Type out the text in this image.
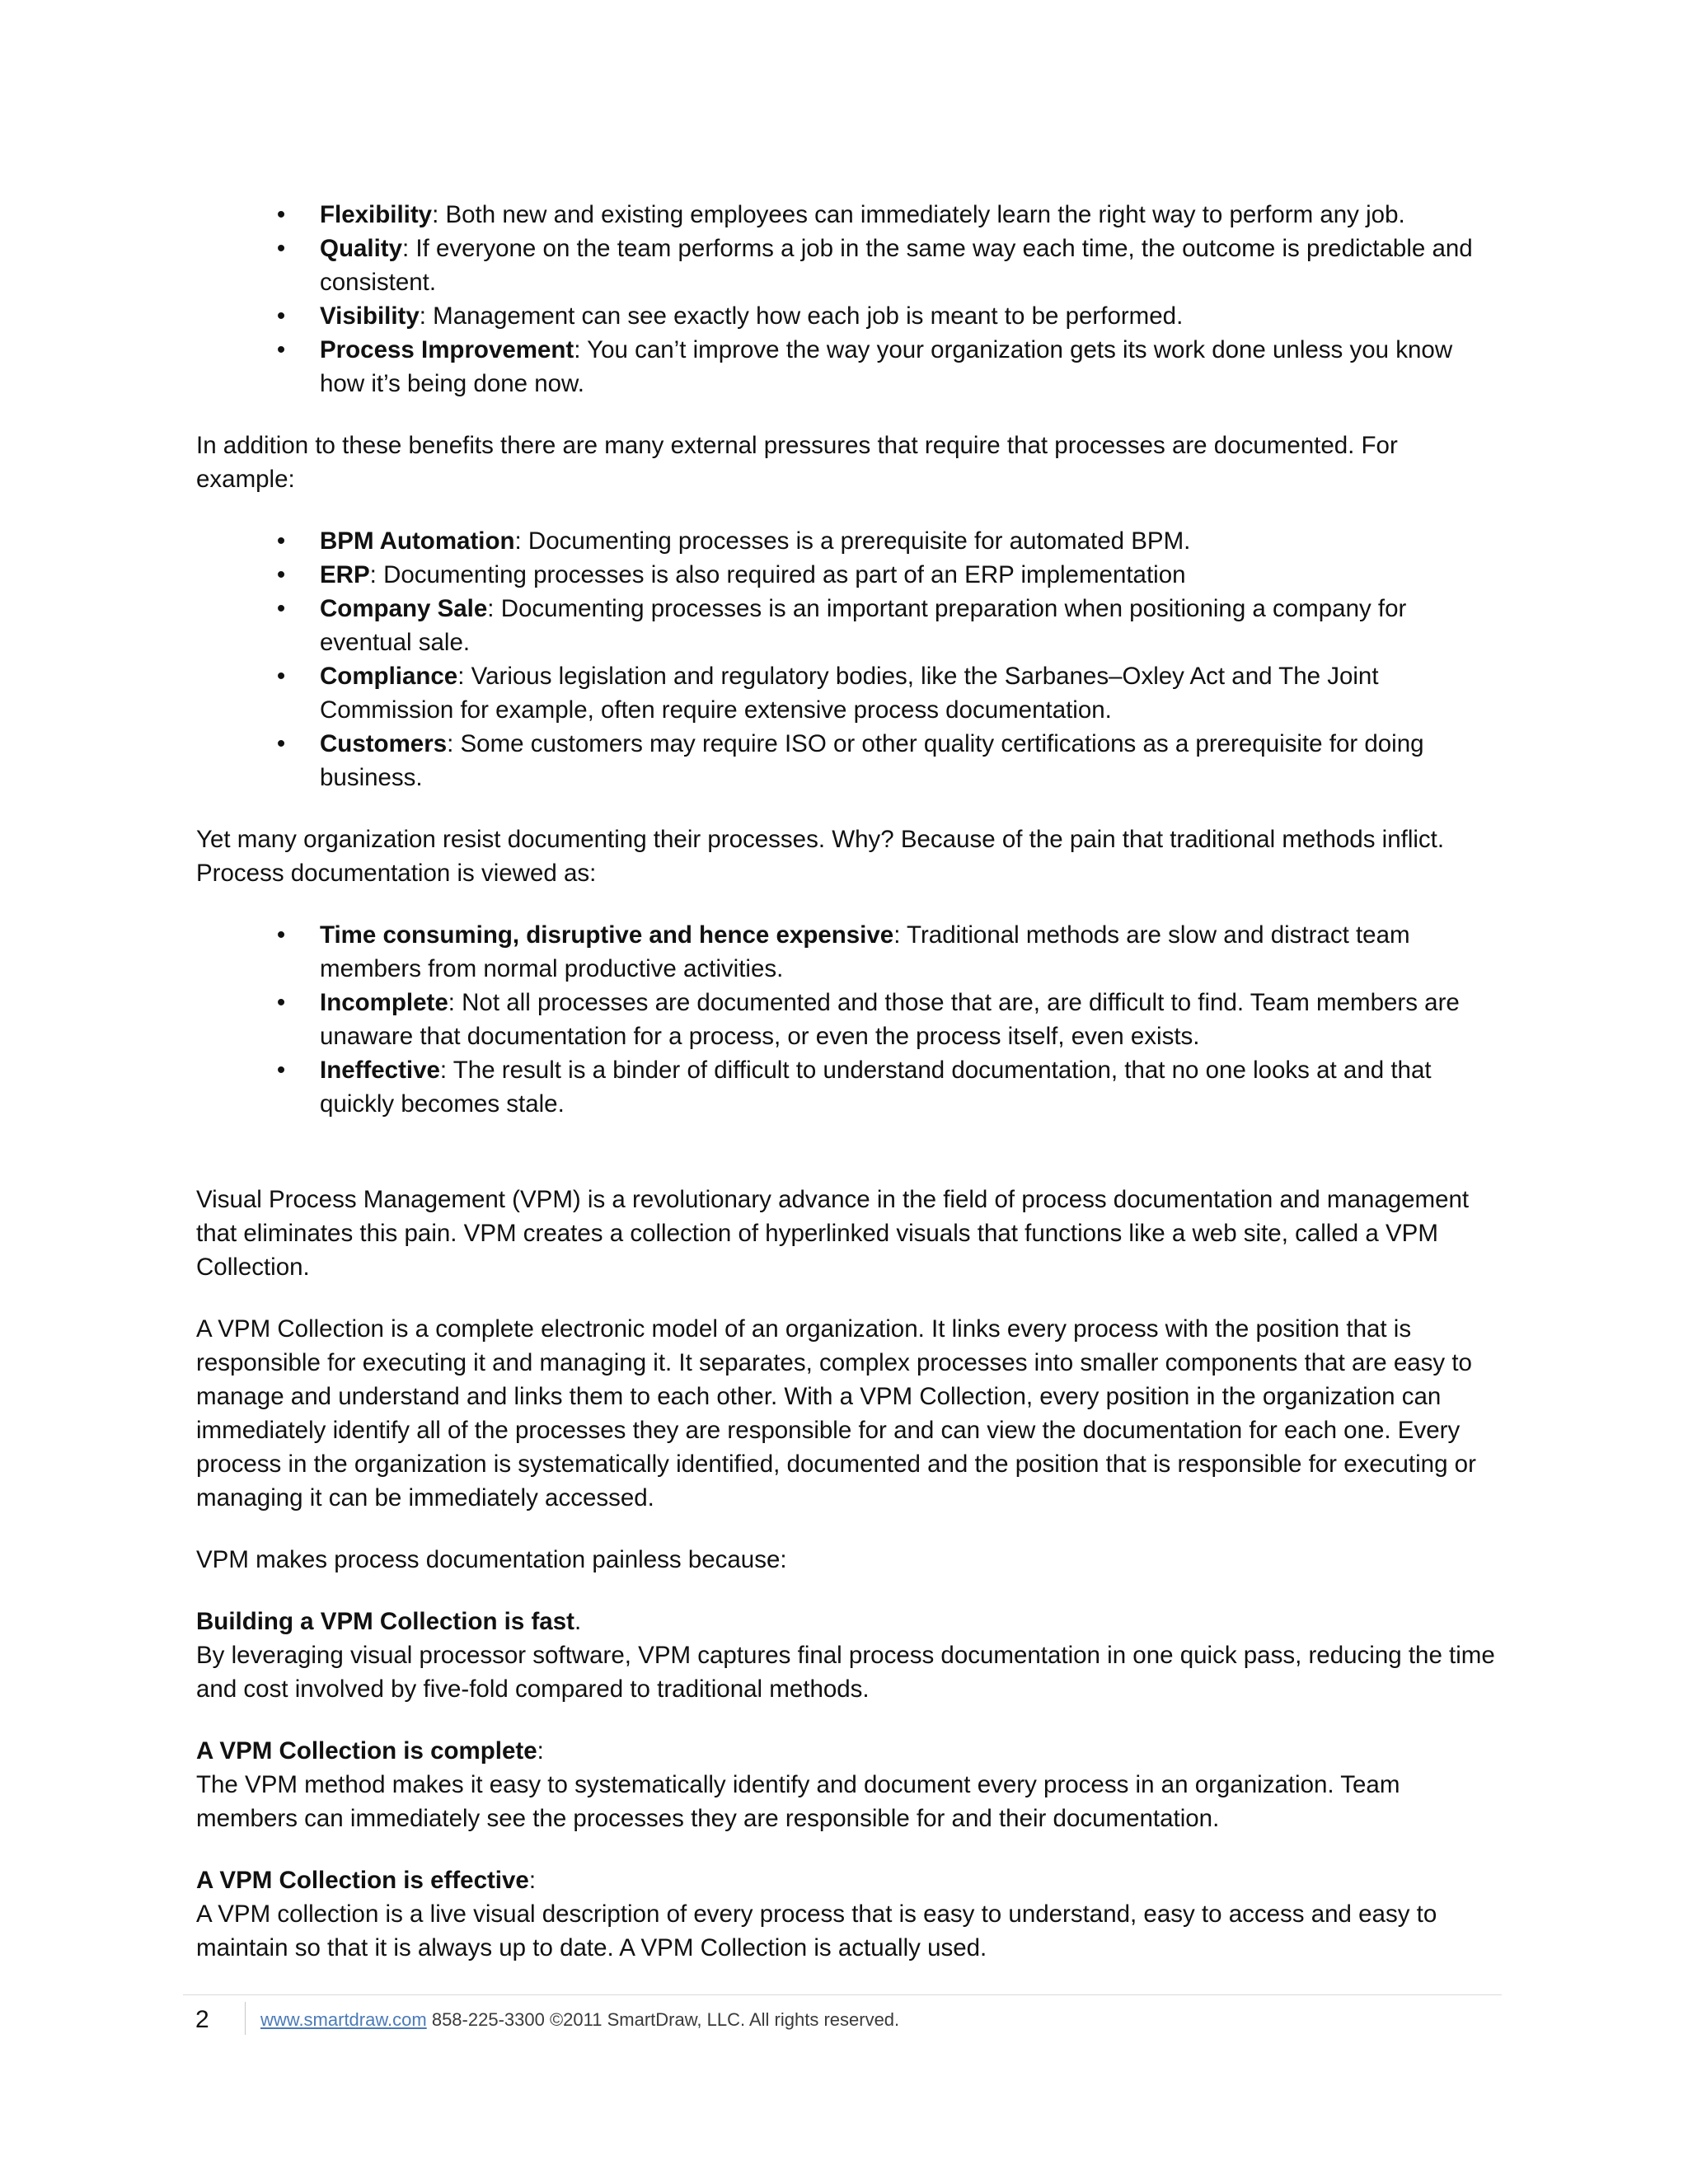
• Flexibility: Both new and existing employees can immediately learn the right way to perform any job.
• Quality: If everyone on the team performs a job in the same way each time, the outcome is predictable and consistent.
• Visibility: Management can see exactly how each job is meant to be performed.
• Process Improvement: You can’t improve the way your organization gets its work done unless you know how it’s being done now.

In addition to these benefits there are many external pressures that require that processes are documented. For example:

• BPM Automation: Documenting processes is a prerequisite for automated BPM.
• ERP: Documenting processes is also required as part of an ERP implementation
• Company Sale: Documenting processes is an important preparation when positioning a company for eventual sale.
• Compliance: Various legislation and regulatory bodies, like the Sarbanes–Oxley Act and The Joint Commission for example, often require extensive process documentation.
• Customers: Some customers may require ISO or other quality certifications as a prerequisite for doing business.

Yet many organization resist documenting their processes. Why? Because of the pain that traditional methods inflict. Process documentation is viewed as:

• Time consuming, disruptive and hence expensive: Traditional methods are slow and distract team members from normal productive activities.
• Incomplete: Not all processes are documented and those that are, are difficult to find. Team members are unaware that documentation for a process, or even the process itself, even exists.
• Ineffective: The result is a binder of difficult to understand documentation, that no one looks at and that quickly becomes stale.

Visual Process Management (VPM) is a revolutionary advance in the field of process documentation and management that eliminates this pain. VPM creates a collection of hyperlinked visuals that functions like a web site, called a VPM Collection.

A VPM Collection is a complete electronic model of an organization. It links every process with the position that is responsible for executing it and managing it. It separates, complex processes into smaller components that are easy to manage and understand and links them to each other. With a VPM Collection, every position in the organization can immediately identify all of the processes they are responsible for and can view the documentation for each one. Every process in the organization is systematically identified, documented and the position that is responsible for executing or managing it can be immediately accessed.

VPM makes process documentation painless because:

Building a VPM Collection is fast.

By leveraging visual processor software, VPM captures final process documentation in one quick pass, reducing the time and cost involved by five-fold compared to traditional methods.

A VPM Collection is complete:

The VPM method makes it easy to systematically identify and document every process in an organization. Team members can immediately see the processes they are responsible for and their documentation.

A VPM Collection is effective:

A VPM collection is a live visual description of every process that is easy to understand, easy to access and easy to maintain so that it is always up to date. A VPM Collection is actually used.

2	www.smartdraw.com 858-225-3300 ©2011 SmartDraw, LLC. All rights reserved.
